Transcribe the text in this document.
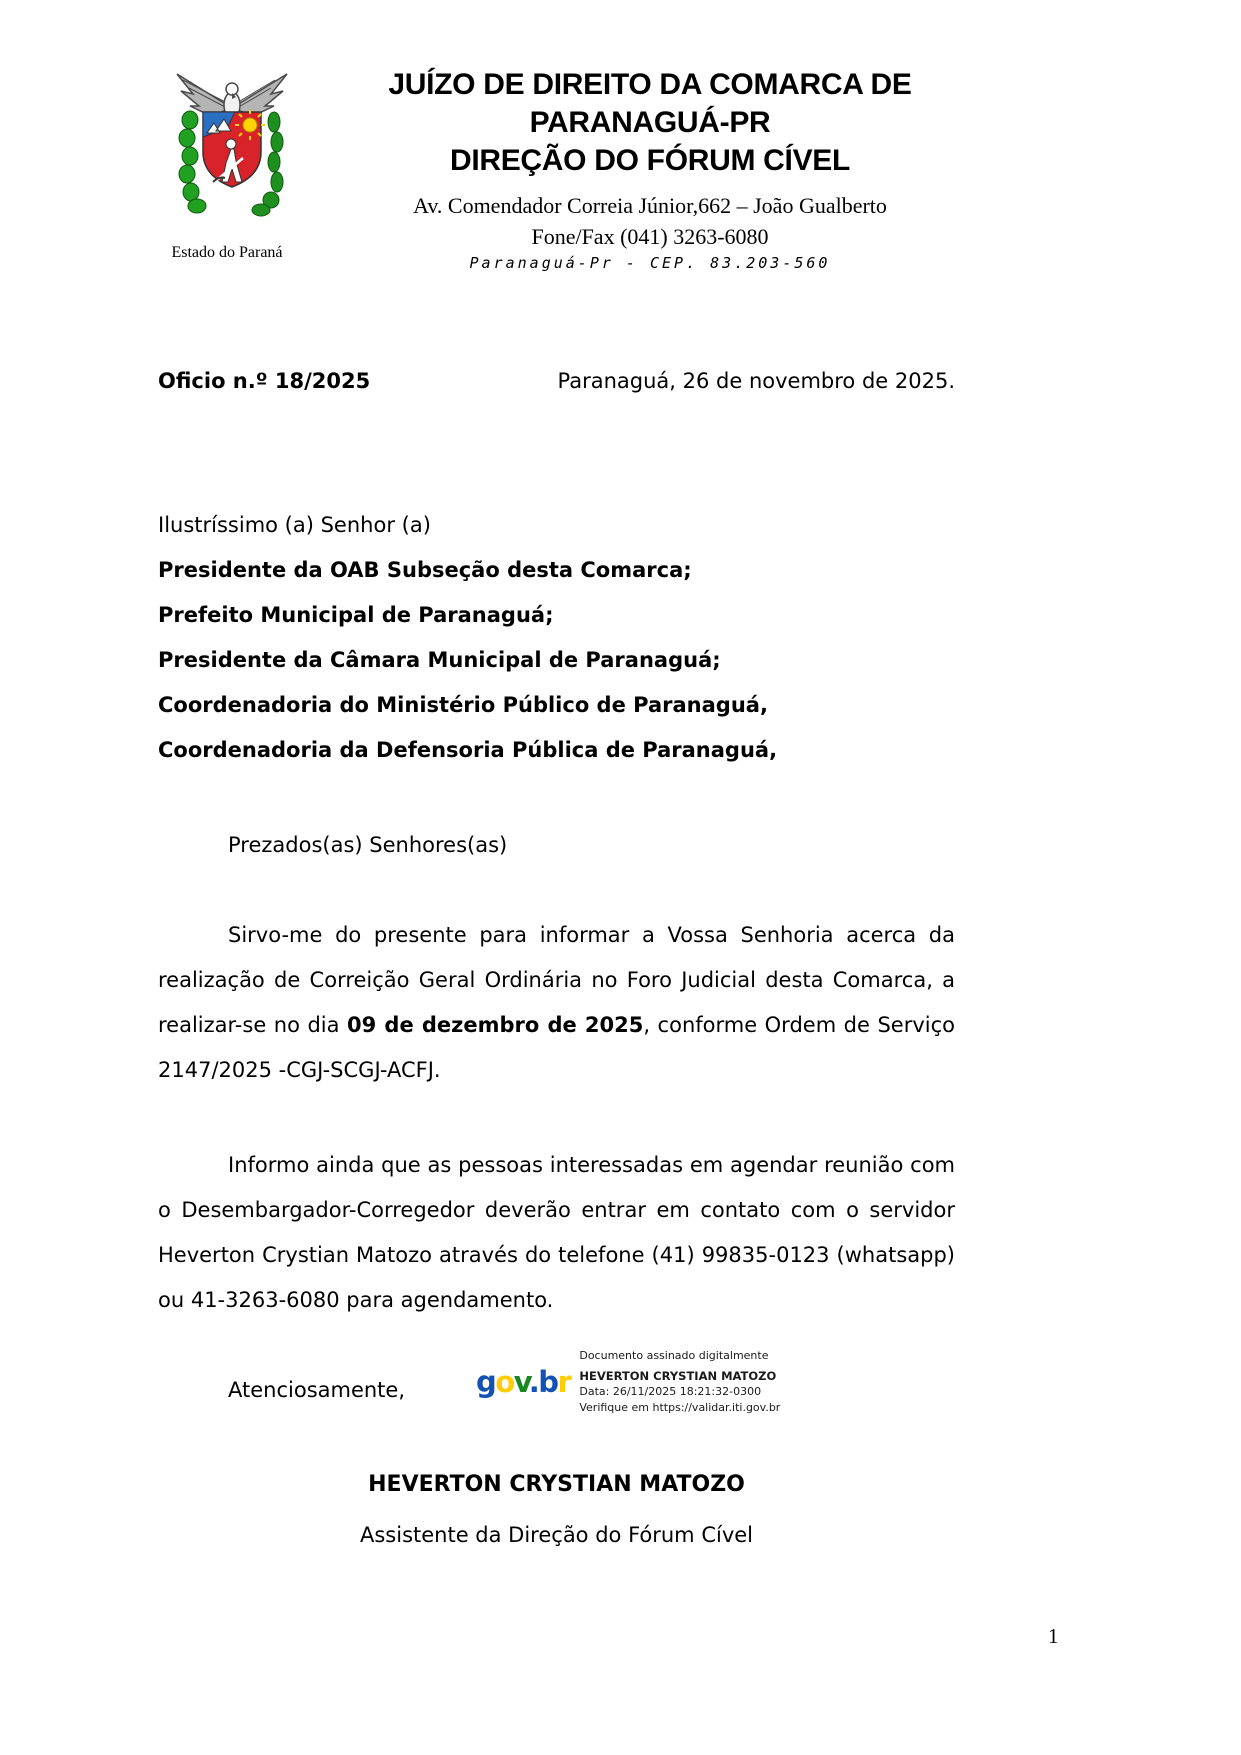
Estado do Paraná
JUÍZO DE DIREITO DA COMARCA DE
PARANAGUÁ-PR
DIREÇÃO DO FÓRUM CÍVEL
Av. Comendador Correia Júnior,662 – João Gualberto
Fone/Fax (041) 3263-6080
Paranaguá-Pr - CEP. 83.203-560
Oficio n.º 18/2025	Paranaguá, 26 de novembro de 2025.
Ilustríssimo (a) Senhor (a)
Presidente da OAB Subseção desta Comarca;
Prefeito Municipal de Paranaguá;
Presidente da Câmara Municipal de Paranaguá;
Coordenadoria do Ministério Público de Paranaguá,
Coordenadoria da Defensoria Pública de Paranaguá,
Prezados(as) Senhores(as)

Sirvo-me do presente para informar a Vossa Senhoria acerca da realização de Correição Geral Ordinária no Foro Judicial desta Comarca, a realizar-se no dia 09 de dezembro de 2025, conforme Ordem de Serviço 2147/2025 -CGJ-SCGJ-ACFJ.

Informo ainda que as pessoas interessadas em agendar reunião com o Desembargador-Corregedor deverão entrar em contato com o servidor Heverton Crystian Matozo através do telefone (41) 99835-0123 (whatsapp) ou 41-3263-6080 para agendamento.

Atenciosamente,	gov.br
Documento assinado digitalmente
HEVERTON CRYSTIAN MATOZO
Data: 26/11/2025 18:21:32-0300
Verifique em https://validar.iti.gov.br
HEVERTON CRYSTIAN MATOZO
Assistente da Direção do Fórum Cível
1
